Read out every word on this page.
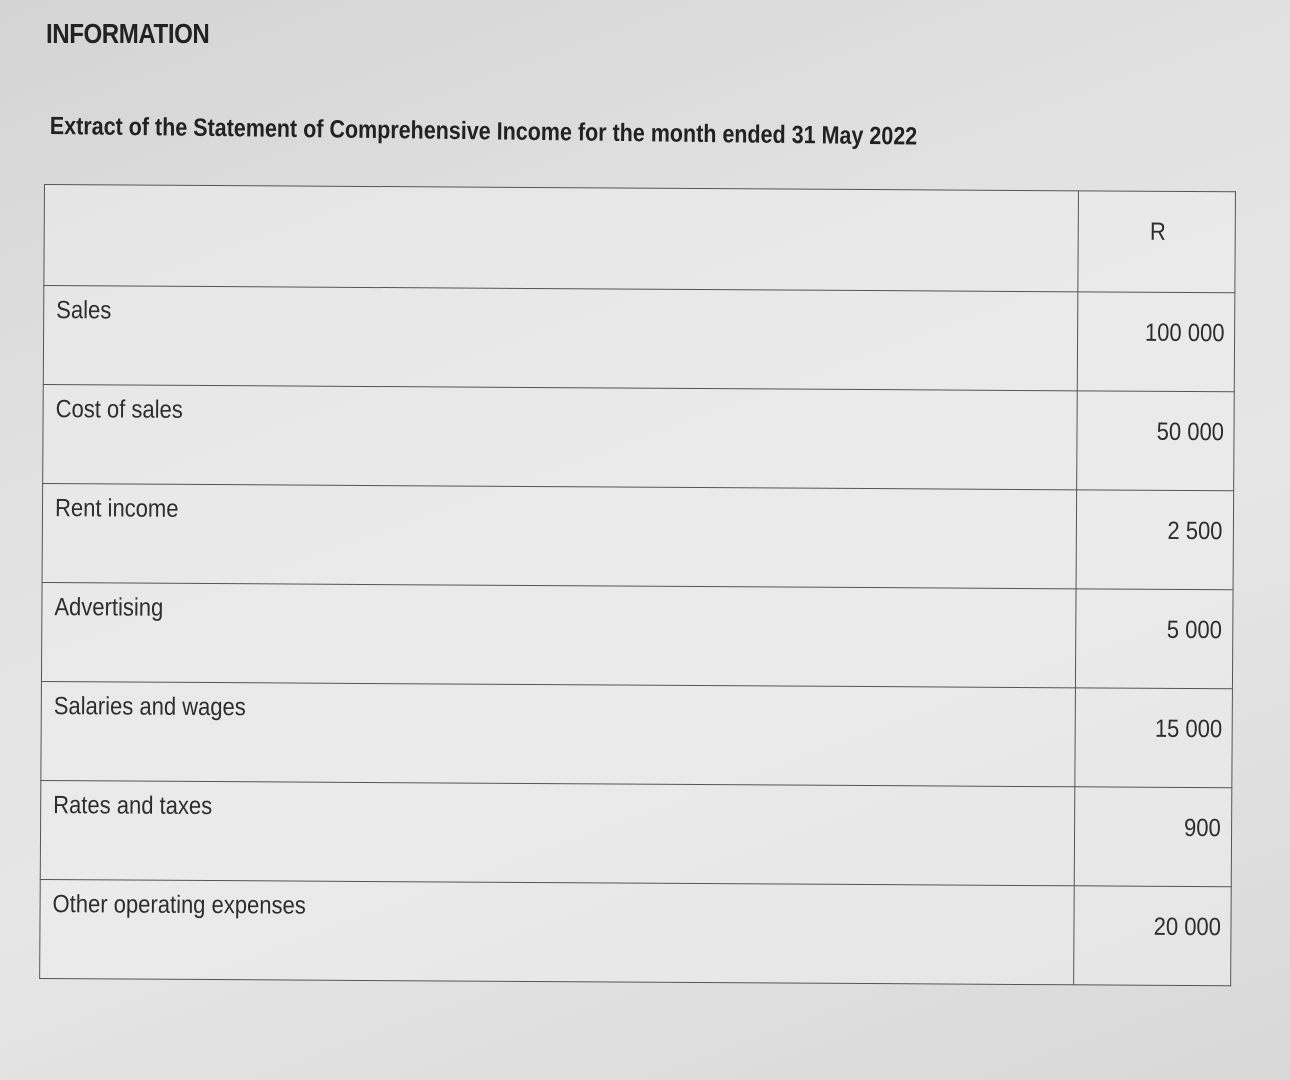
INFORMATION
Extract of the Statement of Comprehensive Income for the month ended 31 May 2022
	R
Sales	100 000
Cost of sales	50 000
Rent income	2 500
Advertising	5 000
Salaries and wages	15 000
Rates and taxes	900
Other operating expenses	20 000
